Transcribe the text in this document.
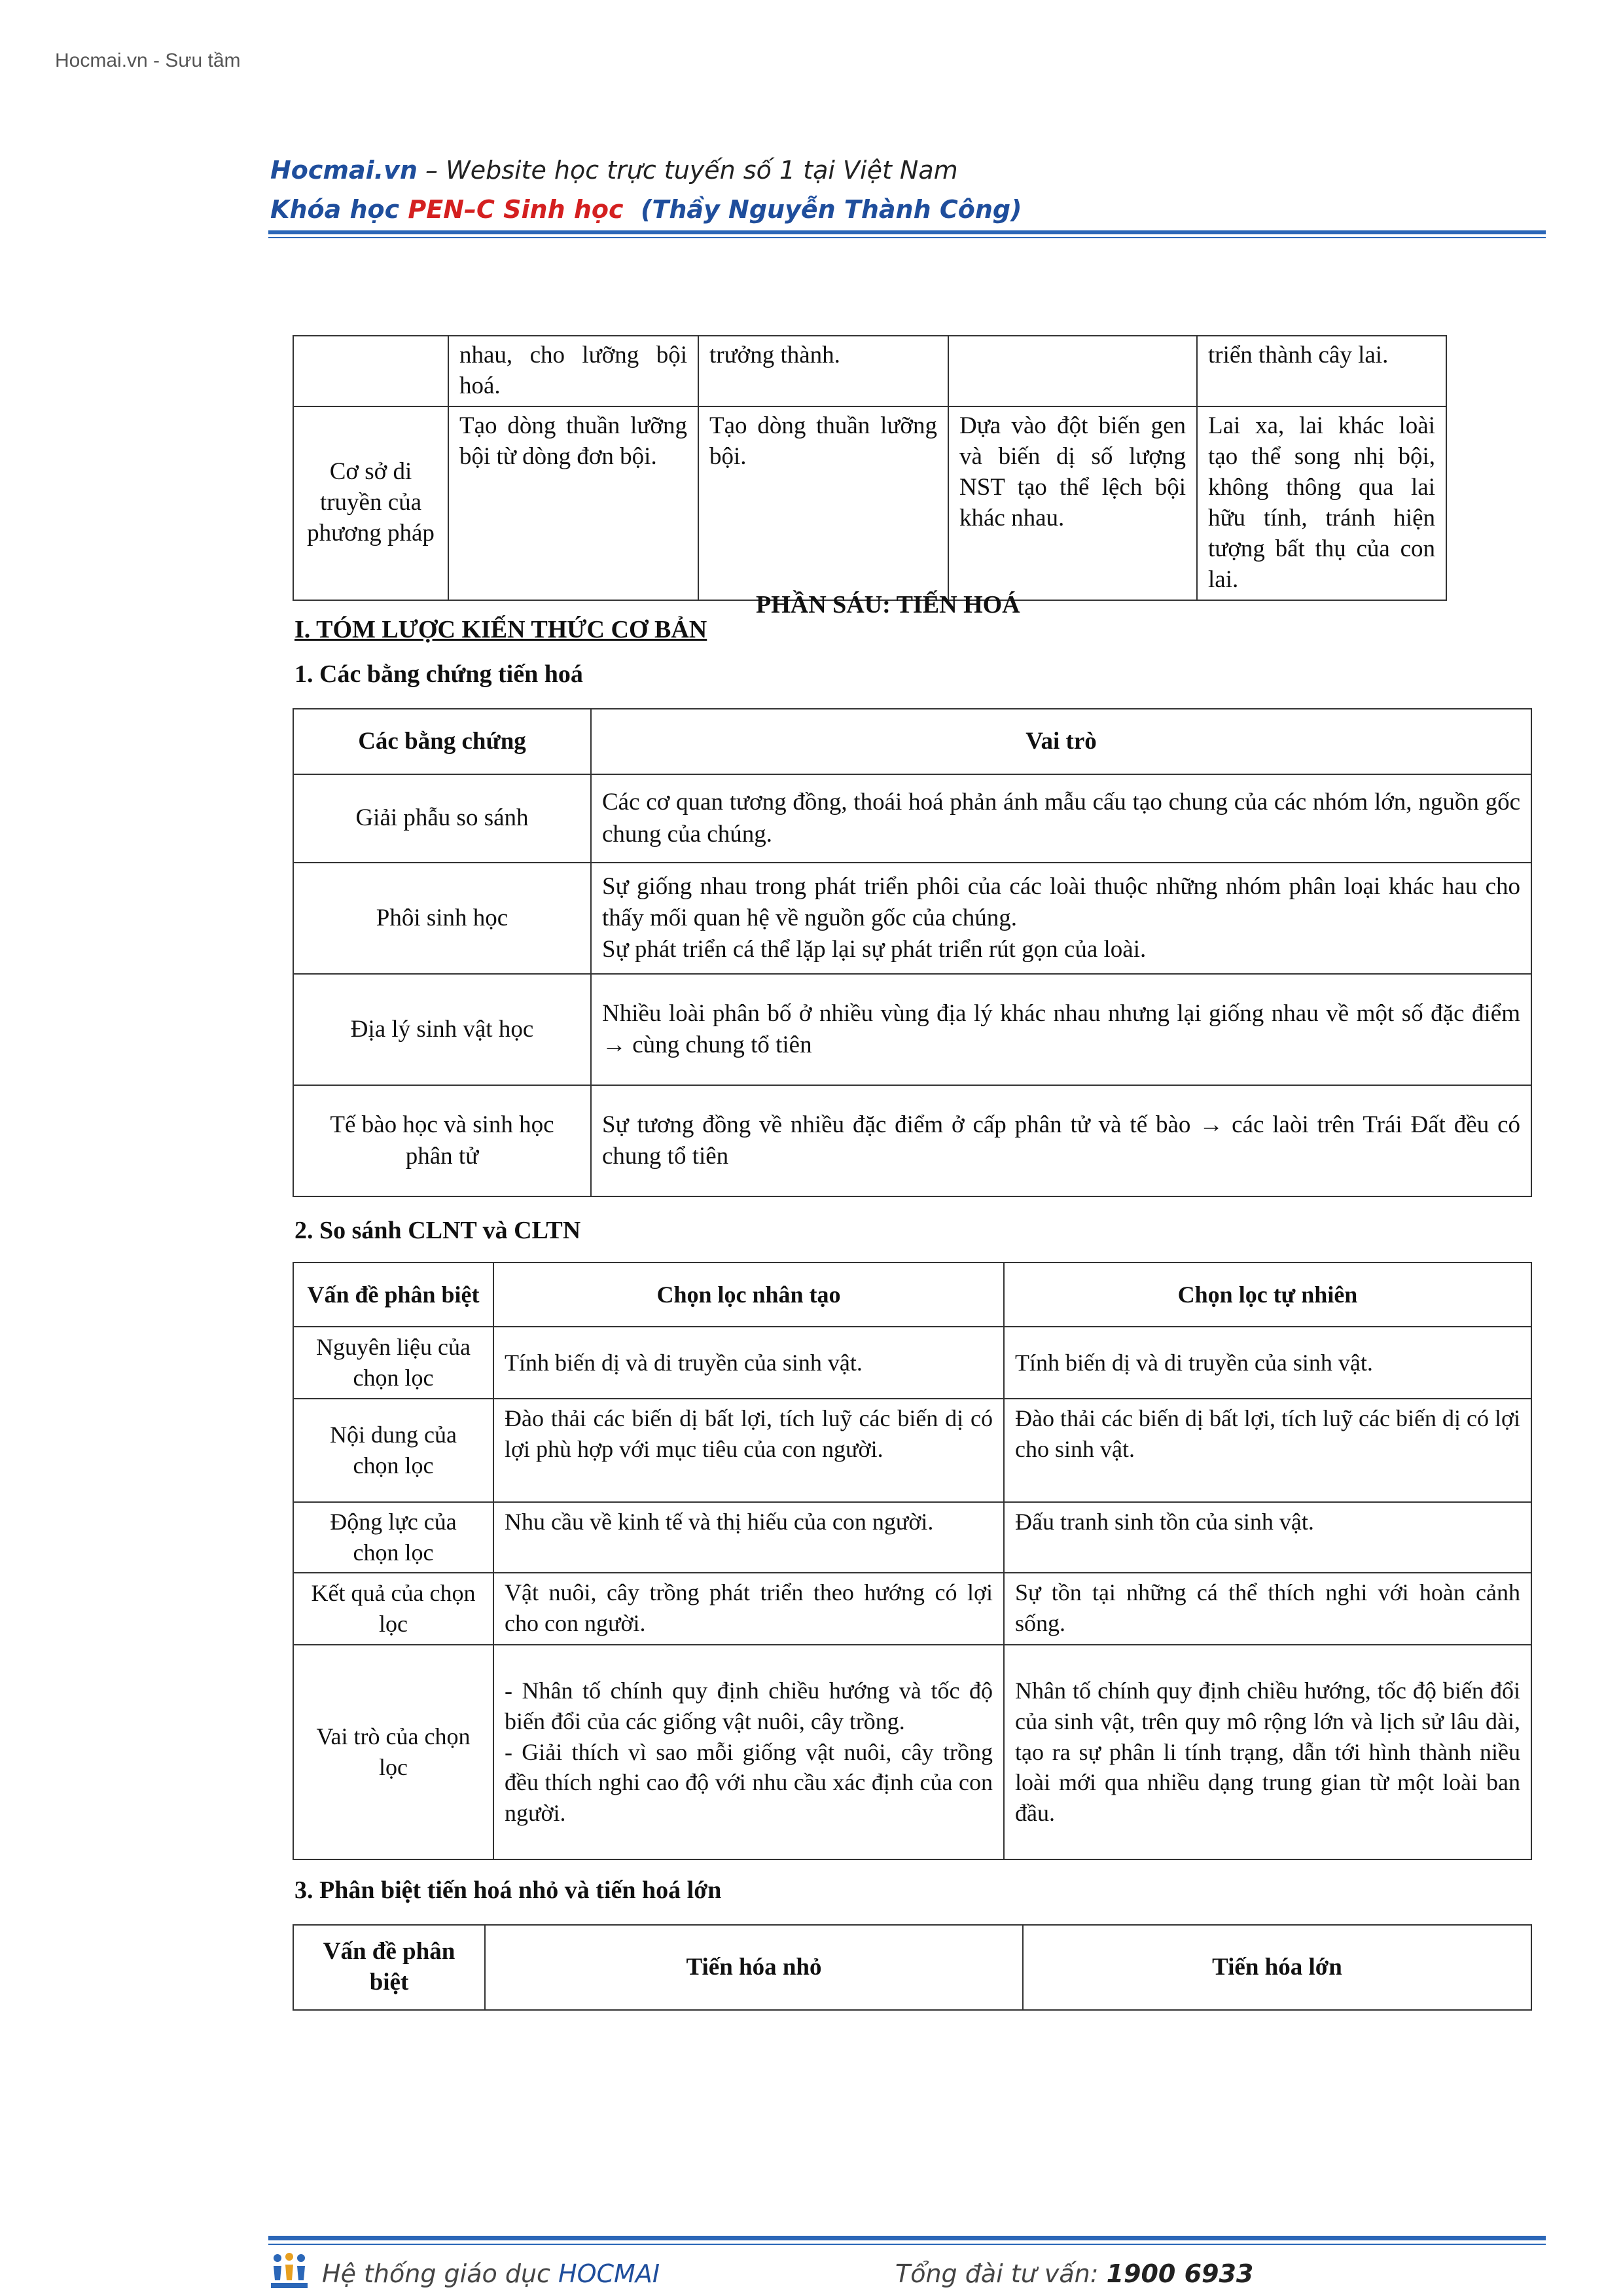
Hocmai.vn - Sưu tầm
Hocmai.vn – Website học trực tuyến số 1 tại Việt Nam
Khóa học PEN–C Sinh học (Thầy Nguyễn Thành Công)
	nhau, cho lưỡng bội hoá.	trưởng thành.		triển thành cây lai.
Cơ sở di truyền của phương pháp	Tạo dòng thuần lưỡng bội từ dòng đơn bội.	Tạo dòng thuần lưỡng bội.	Dựa vào đột biến gen và biến dị số lượng NST tạo thể lệch bội khác nhau.	Lai xa, lai khác loài tạo thể song nhị bội, không thông qua lai hữu tính, tránh hiện tượng bất thụ của con lai.
PHẦN SÁU: TIẾN HOÁ
I. TÓM LƯỢC KIẾN THỨC CƠ BẢN
1. Các bằng chứng tiến hoá
Các bằng chứng	Vai trò
Giải phẫu so sánh	Các cơ quan tương đồng, thoái hoá phản ánh mẫu cấu tạo chung của các nhóm lớn, nguồn gốc chung của chúng.
Phôi sinh học	Sự giống nhau trong phát triển phôi của các loài thuộc những nhóm phân loại khác hau cho thấy mối quan hệ về nguồn gốc của chúng.
Sự phát triển cá thể lặp lại sự phát triển rút gọn của loài.

Địa lý sinh vật học	Nhiều loài phân bố ở nhiều vùng địa lý khác nhau nhưng lại giống nhau về một số đặc điểm → cùng chung tổ tiên
Tế bào học và sinh học phân tử	Sự tương đồng về nhiều đặc điểm ở cấp phân tử và tế bào → các laòi trên Trái Đất đều có chung tổ tiên
2. So sánh CLNT và CLTN
Vấn đề phân biệt	Chọn lọc nhân tạo	Chọn lọc tự nhiên
Nguyên liệu của chọn lọc	Tính biến dị và di truyền của sinh vật.	Tính biến dị và di truyền của sinh vật.
Nội dung của chọn lọc	Đào thải các biến dị bất lợi, tích luỹ các biến dị có lợi phù hợp với mục tiêu của con người.	Đào thải các biến dị bất lợi, tích luỹ các biến dị có lợi cho sinh vật.
Động lực của chọn lọc	Nhu cầu về kinh tế và thị hiếu của con người.	Đấu tranh sinh tồn của sinh vật.
Kết quả của chọn lọc	Vật nuôi, cây trồng phát triển theo hướng có lợi cho con người.	Sự tồn tại những cá thể thích nghi với hoàn cảnh sống.
Vai trò của chọn lọc	- Nhân tố chính quy định chiều hướng và tốc độ biến đổi của các giống vật nuôi, cây trồng.
- Giải thích vì sao mỗi giống vật nuôi, cây trồng đều thích nghi cao độ với nhu cầu xác định của con người.	Nhân tố chính quy định chiều hướng, tốc độ biến đổi của sinh vật, trên quy mô rộng lớn và lịch sử lâu dài, tạo ra sự phân li tính trạng, dẫn tới hình thành niều loài mới qua nhiều dạng trung gian từ một loài ban đầu.
3. Phân biệt tiến hoá nhỏ và tiến hoá lớn
Vấn đề phân biệt	Tiến hóa nhỏ	Tiến hóa lớn
Hệ thống giáo dục HOCMAI	Tổng đài tư vấn: 1900 6933
